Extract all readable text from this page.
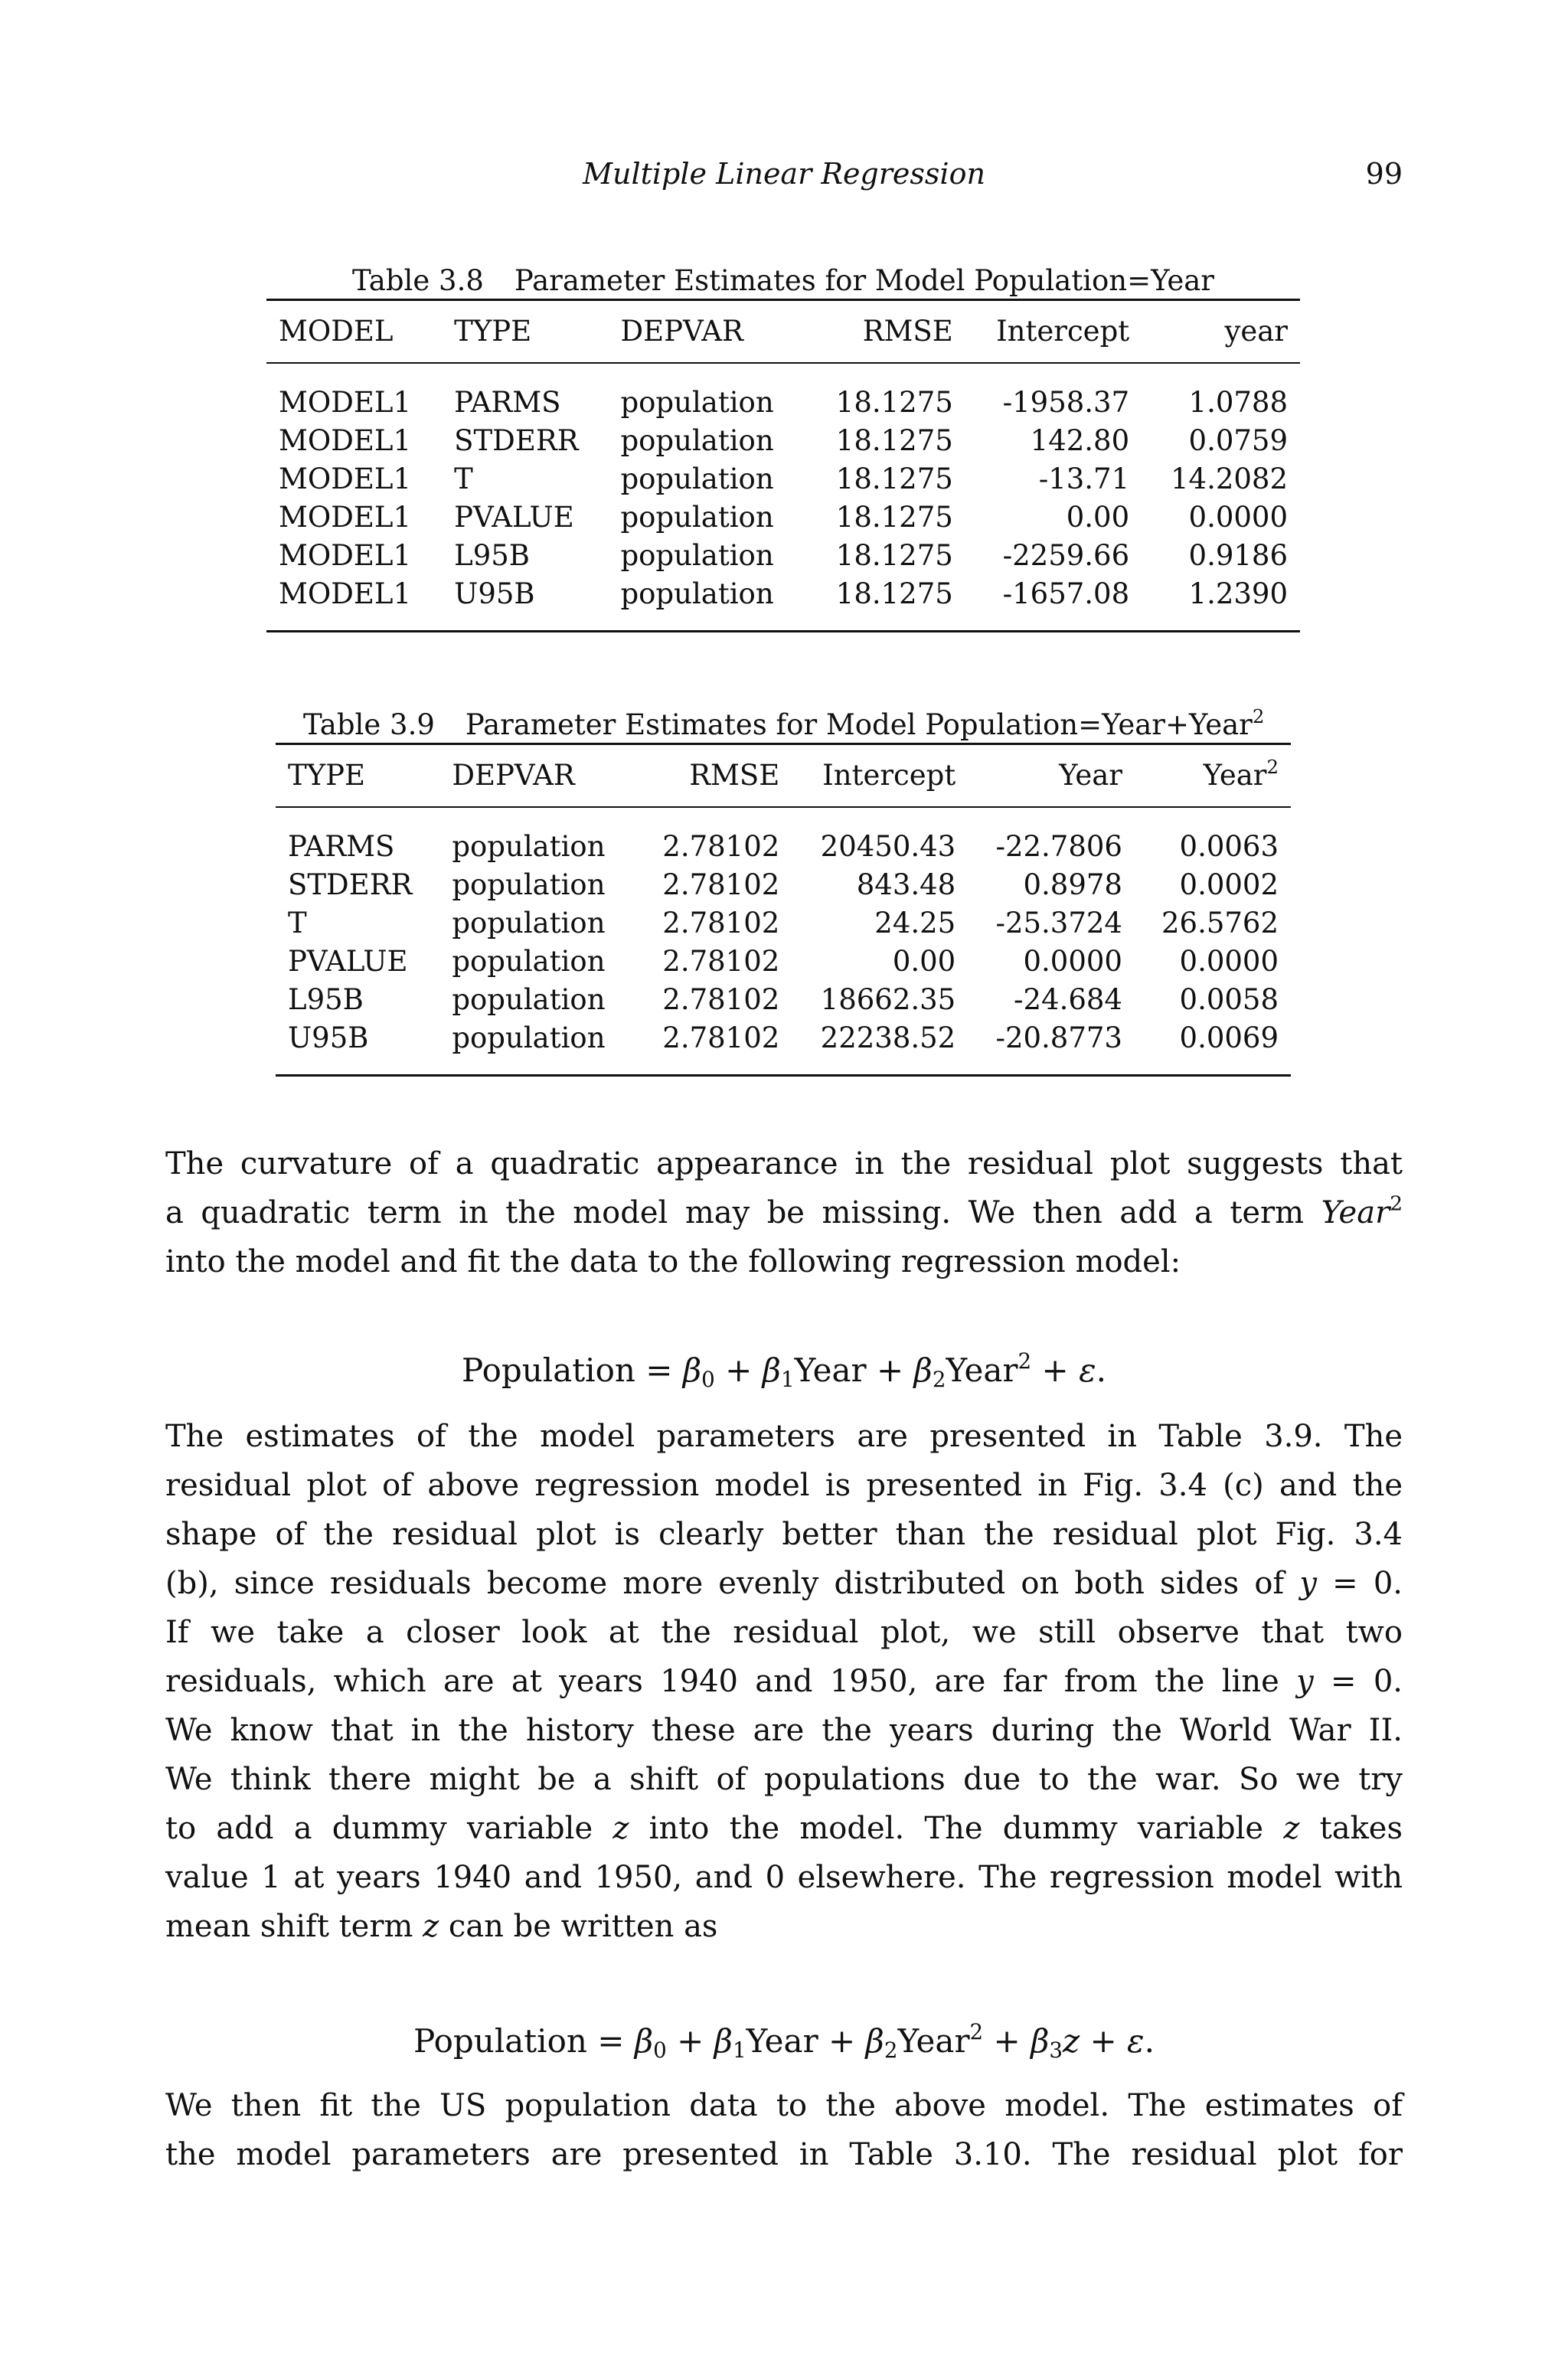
Multiple Linear Regression	99
Table 3.8 Parameter Estimates for Model Population=Year
MODEL	TYPE	DEPVAR	RMSE	Intercept	year
MODEL1	PARMS	population	18.1275	-1958.37	1.0788
MODEL1	STDERR	population	18.1275	142.80	0.0759
MODEL1	T	population	18.1275	-13.71	14.2082
MODEL1	PVALUE	population	18.1275	0.00	0.0000
MODEL1	L95B	population	18.1275	-2259.66	0.9186
MODEL1	U95B	population	18.1275	-1657.08	1.2390
Table 3.9 Parameter Estimates for Model Population=Year+Year$^2$
TYPE	DEPVAR	RMSE	Intercept	Year	Year$^2$
PARMS	population	2.78102	20450.43	-22.7806	0.0063
STDERR	population	2.78102	843.48	0.8978	0.0002
T	population	2.78102	24.25	-25.3724	26.5762
PVALUE	population	2.78102	0.00	0.0000	0.0000
L95B	population	2.78102	18662.35	-24.684	0.0058
U95B	population	2.78102	22238.52	-20.8773	0.0069
The curvature of a quadratic appearance in the residual plot suggests that
a quadratic term in the model may be missing. We then add a term Year$^2$
into the model and fit the data to the following regression model:
Population = $\beta_0$ + $\beta_1Year$ + $\beta_2Year^2 + \varepsilon$.
The estimates of the model parameters are presented in Table 3.9. The
residual plot of above regression model is presented in Fig. 3.4 (c) and the
shape of the residual plot is clearly better than the residual plot Fig. 3.4
(b), since residuals become more evenly distributed on both sides of y = 0.
If we take a closer look at the residual plot, we still observe that two
residuals, which are at years 1940 and 1950, are far from the line y = 0.
We know that in the history these are the years during the World War II.
We think there might be a shift of populations due to the war. So we try
to add a dummy variable z into the model. The dummy variable z takes
value 1 at years 1940 and 1950, and 0 elsewhere. The regression model with
mean shift term z can be written as
Population = $\beta_0$ + $\beta_1Year$ + $\beta_2Year^2 + \beta_3z + \varepsilon$.
We then fit the US population data to the above model. The estimates of
the model parameters are presented in Table 3.10. The residual plot for
